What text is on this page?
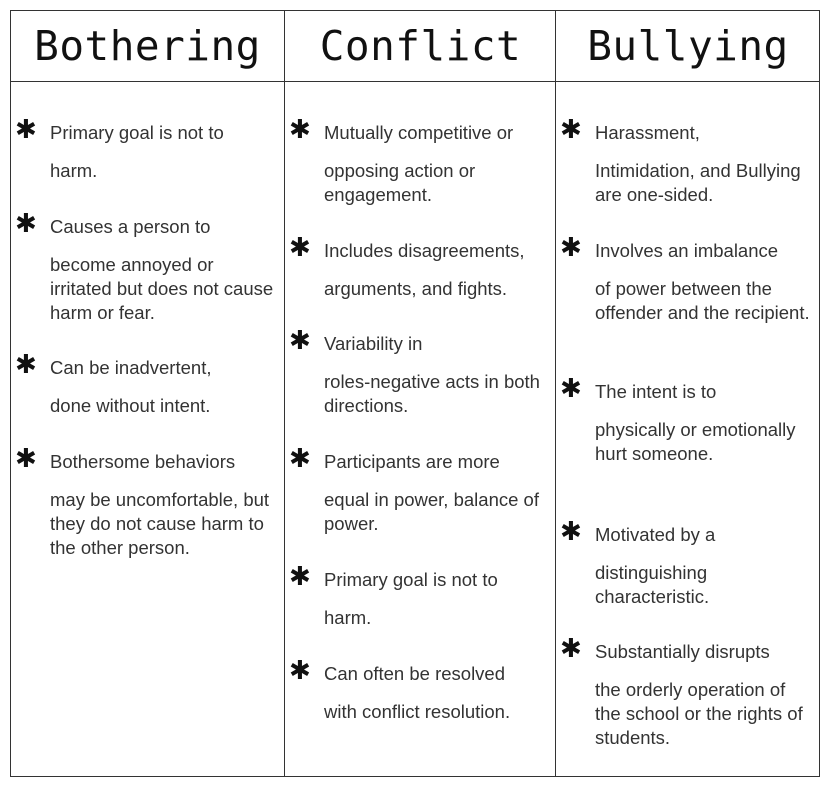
Bothering
✱ Primary goal is not to
harm.
✱ Causes a person to
become annoyed or irritated but does not cause harm or fear.
✱ Can be inadvertent,
done without intent.
✱ Bothersome behaviors
may be uncomfortable, but they do not cause harm to the other person.
Conflict
✱ Mutually competitive or
opposing action or engagement.
✱ Includes disagreements,
arguments, and fights.
✱ Variability in
roles-negative acts in both directions.
✱ Participants are more
equal in power, balance of power.
✱ Primary goal is not to
harm.
✱ Can often be resolved
with conflict resolution.
Bullying
✱ Harassment,
Intimidation, and Bullying are one-sided.
✱ Involves an imbalance
of power between the offender and the recipient.
✱ The intent is to
physically or emotionally hurt someone.
✱ Motivated by a
distinguishing characteristic.
✱ Substantially disrupts
the orderly operation of the school or the rights of students.
